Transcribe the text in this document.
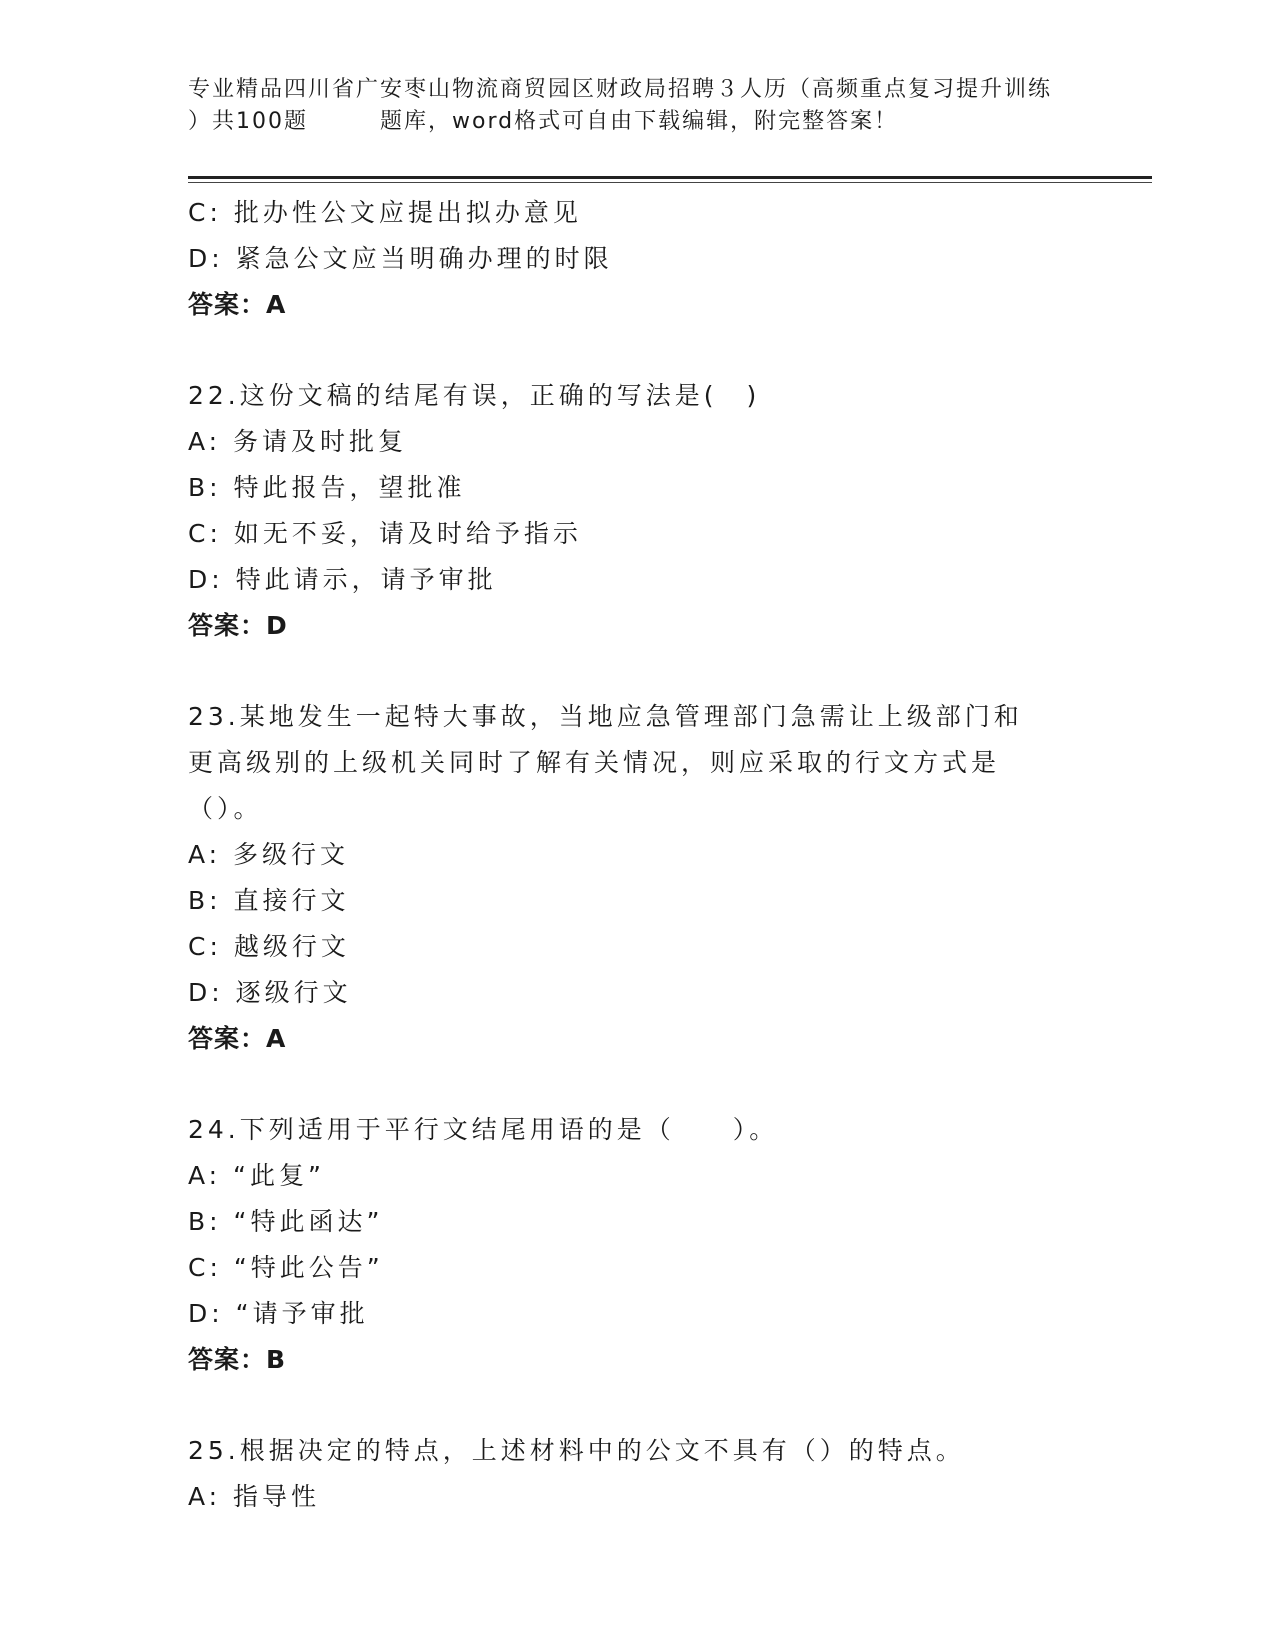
专业精品四川省广安枣山物流商贸园区财政局招聘３人历（高频重点复习提升训练
）共100题	题库，word格式可自由下载编辑，附完整答案！
C: 批办性公文应提出拟办意见
D: 紧急公文应当明确办理的时限
答案：A
22.这份文稿的结尾有误，正确的写法是(　)
A: 务请及时批复
B: 特此报告，望批准
C: 如无不妥，请及时给予指示
D: 特此请示，请予审批
答案：D
23.某地发生一起特大事故，当地应急管理部门急需让上级部门和更高级别的上级机关同时了解有关情况，则应采取的行文方式是（）。
A: 多级行文
B: 直接行文
C: 越级行文
D: 逐级行文
答案：A
24.下列适用于平行文结尾用语的是（　　）。
A: “此复”
B: “特此函达”
C: “特此公告”
D: “请予审批
答案：B
25.根据决定的特点，上述材料中的公文不具有（）的特点。
A: 指导性
